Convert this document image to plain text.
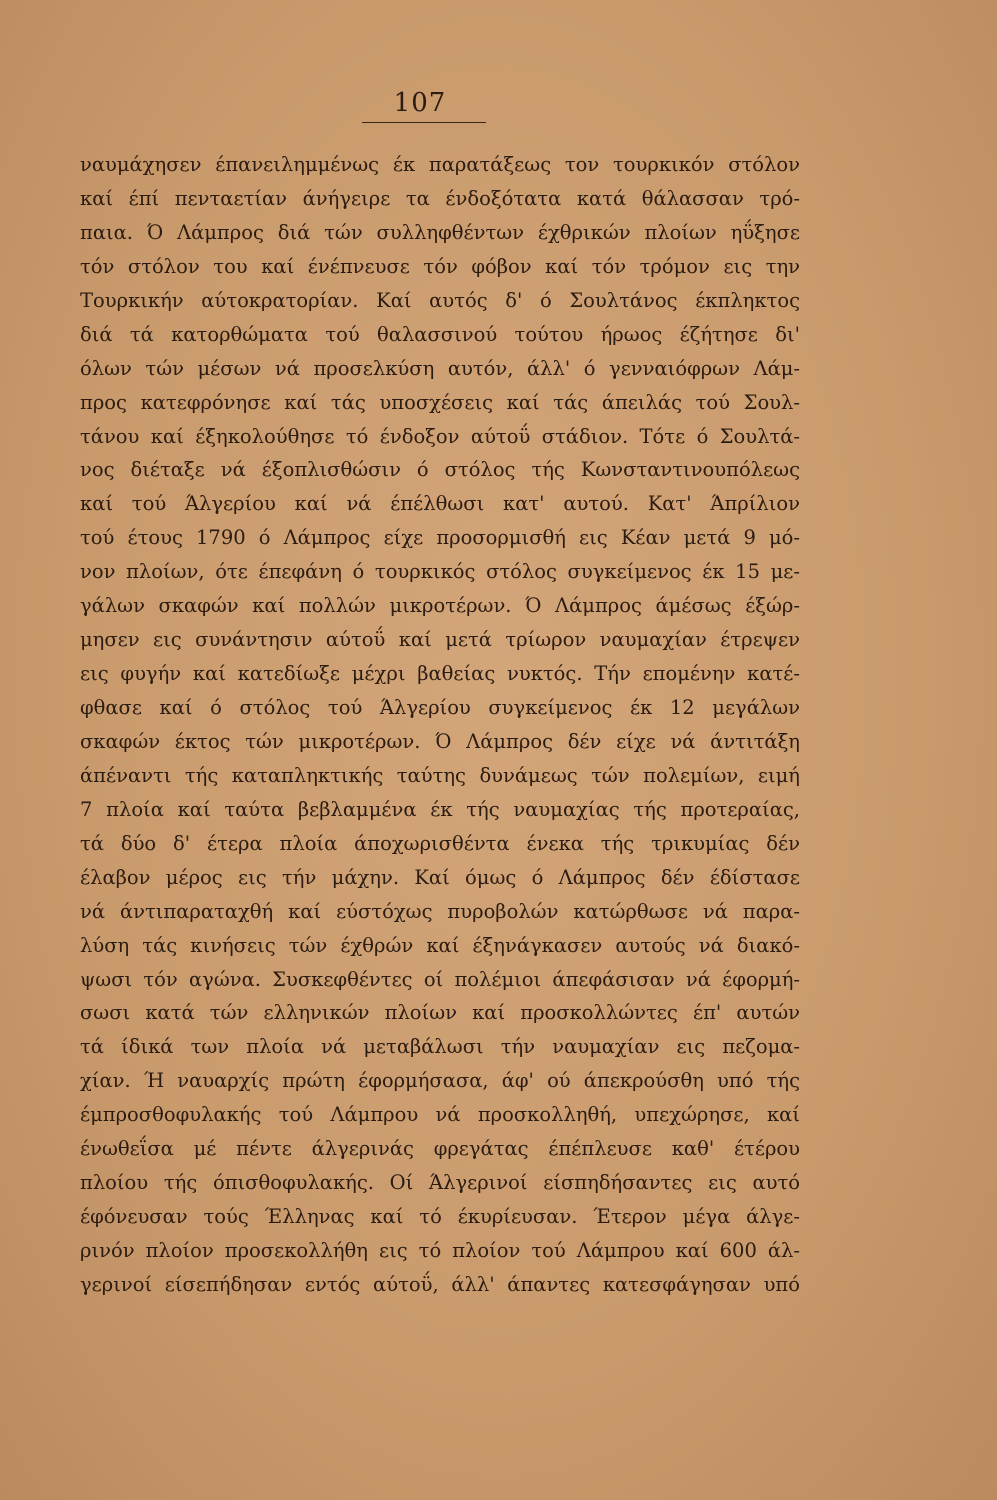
107
ναυμάχησεν έπανειλημμένως έκ παρατάξεως τον τουρκικόν στόλον
καί έπί πενταετίαν άνήγειρε τα ένδοξότατα κατά θάλασσαν τρό-
παια. Ό Λάμπρος διά τών συλληφθέντων έχθρικών πλοίων ηΰξησε
τόν στόλον του καί ένέπνευσε τόν φόβον καί τόν τρόμον εις την
Τουρκικήν αύτοκρατορίαν. Καί αυτός δ' ό Σουλτάνος έκπληκτος
διά τά κατορθώματα τού θαλασσινού τούτου ήρωος έζήτησε δι'
όλων τών μέσων νά προσελκύση αυτόν, άλλ' ό γενναιόφρων Λάμ-
προς κατεφρόνησε καί τάς υποσχέσεις καί τάς άπειλάς τού Σουλ-
τάνου καί έξηκολούθησε τό ένδοξον αύτοΰ στάδιον. Τότε ό Σουλτά-
νος διέταξε νά έξοπλισθώσιν ό στόλος τής Κωνσταντινουπόλεως
καί τού Άλγερίου καί νά έπέλθωσι κατ' αυτού. Κατ' Άπρίλιον
τού έτους 1790 ό Λάμπρος είχε προσορμισθή εις Κέαν μετά 9 μό-
νον πλοίων, ότε έπεφάνη ό τουρκικός στόλος συγκείμενος έκ 15 με-
γάλων σκαφών καί πολλών μικροτέρων. Ό Λάμπρος άμέσως έξώρ-
μησεν εις συνάντησιν αύτοΰ καί μετά τρίωρον ναυμαχίαν έτρεψεν
εις φυγήν καί κατεδίωξε μέχρι βαθείας νυκτός. Τήν επομένην κατέ-
φθασε καί ό στόλος τού Άλγερίου συγκείμενος έκ 12 μεγάλων
σκαφών έκτος τών μικροτέρων. Ό Λάμπρος δέν είχε νά άντιτάξη
άπέναντι τής καταπληκτικής ταύτης δυνάμεως τών πολεμίων, ειμή
7 πλοία καί ταύτα βεβλαμμένα έκ τής ναυμαχίας τής προτεραίας,
τά δύο δ' έτερα πλοία άποχωρισθέντα ένεκα τής τρικυμίας δέν
έλαβον μέρος εις τήν μάχην. Καί όμως ό Λάμπρος δέν έδίστασε
νά άντιπαραταχθή καί εύστόχως πυροβολών κατώρθωσε νά παρα-
λύση τάς κινήσεις τών έχθρών καί έξηνάγκασεν αυτούς νά διακό-
ψωσι τόν αγώνα. Συσκεφθέντες οί πολέμιοι άπεφάσισαν νά έφορμή-
σωσι κατά τών ελληνικών πλοίων καί προσκολλώντες έπ' αυτών
τά ίδικά των πλοία νά μεταβάλωσι τήν ναυμαχίαν εις πεζομα-
χίαν. Ή ναυαρχίς πρώτη έφορμήσασα, άφ' ού άπεκρούσθη υπό τής
έμπροσθοφυλακής τού Λάμπρου νά προσκολληθή, υπεχώρησε, καί
ένωθεΐσα μέ πέντε άλγερινάς φρεγάτας έπέπλευσε καθ' έτέρου
πλοίου τής όπισθοφυλακής. Οί Άλγερινοί είσπηδήσαντες εις αυτό
έφόνευσαν τούς Έλληνας καί τό έκυρίευσαν. Έτερον μέγα άλγε-
ρινόν πλοίον προσεκολλήθη εις τό πλοίον τού Λάμπρου καί 600 άλ-
γερινοί είσεπήδησαν εντός αύτοΰ, άλλ' άπαντες κατεσφάγησαν υπό
